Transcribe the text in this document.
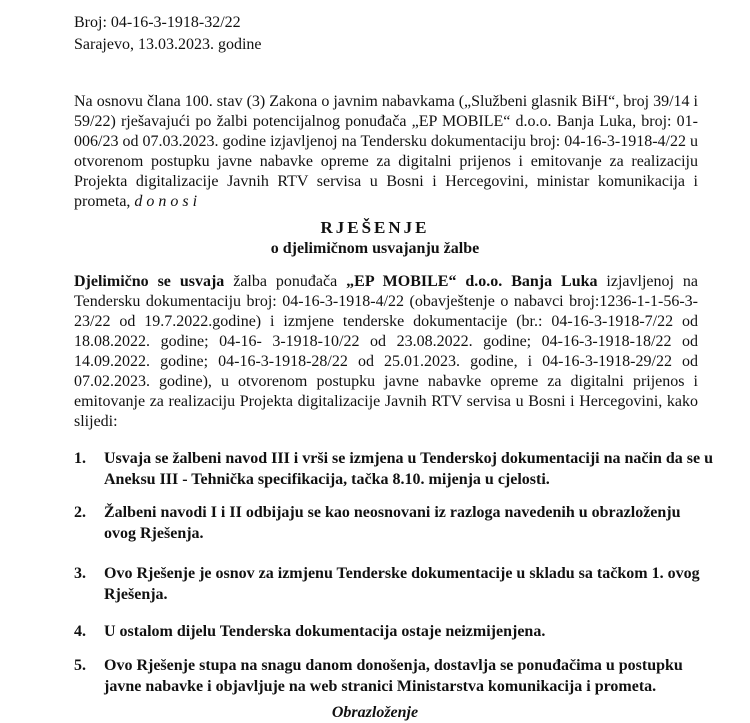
Broj: 04-16-3-1918-32/22
Sarajevo, 13.03.2023. godine
Na osnovu člana 100. stav (3) Zakona o javnim nabavkama („Službeni glasnik BiH“, broj 39/14 i 59/22) rješavajući po žalbi potencijalnog ponuđača „EP MOBILE“ d.o.o. Banja Luka, broj: 01-006/23 od 07.03.2023. godine izjavljenoj na Tendersku dokumentaciju broj: 04-16-3-1918-4/22 u otvorenom postupku javne nabavke opreme za digitalni prijenos i emitovanje za realizaciju Projekta digitalizacije Javnih RTV servisa u Bosni i Hercegovini, ministar komunikacija i prometa, donosi
RJEŠENJE
o djelimičnom usvajanju žalbe
Djelimično se usvaja žalba ponuđača „EP MOBILE“ d.o.o. Banja Luka izjavljenoj na Tendersku dokumentaciju broj: 04-16-3-1918-4/22 (obavještenje o nabavci broj:1236-1-1-56-3-23/22 od 19.7.2022.godine) i izmjene tenderske dokumentacije (br.: 04-16-3-1918-7/22 od 18.08.2022. godine; 04-16- 3-1918-10/22 od 23.08.2022. godine; 04-16-3-1918-18/22 od 14.09.2022. godine; 04-16-3-1918-28/22 od 25.01.2023. godine, i 04-16-3-1918-29/22 od 07.02.2023. godine), u otvorenom postupku javne nabavke opreme za digitalni prijenos i emitovanje za realizaciju Projekta digitalizacije Javnih RTV servisa u Bosni i Hercegovini, kako slijedi:
1. Usvaja se žalbeni navod III i vrši se izmjena u Tenderskoj dokumentaciji na način da se u Aneksu III - Tehnička specifikacija, tačka 8.10. mijenja u cjelosti.
2. Žalbeni navodi I i II odbijaju se kao neosnovani iz razloga navedenih u obrazloženju ovog Rješenja.
3. Ovo Rješenje je osnov za izmjenu Tenderske dokumentacije u skladu sa tačkom 1. ovog Rješenja.
4. U ostalom dijelu Tenderska dokumentacija ostaje neizmijenjena.
5. Ovo Rješenje stupa na snagu danom donošenja, dostavlja se ponuđačima u postupku javne nabavke i objavljuje na web stranici Ministarstva komunikacija i prometa.
Obrazloženje
